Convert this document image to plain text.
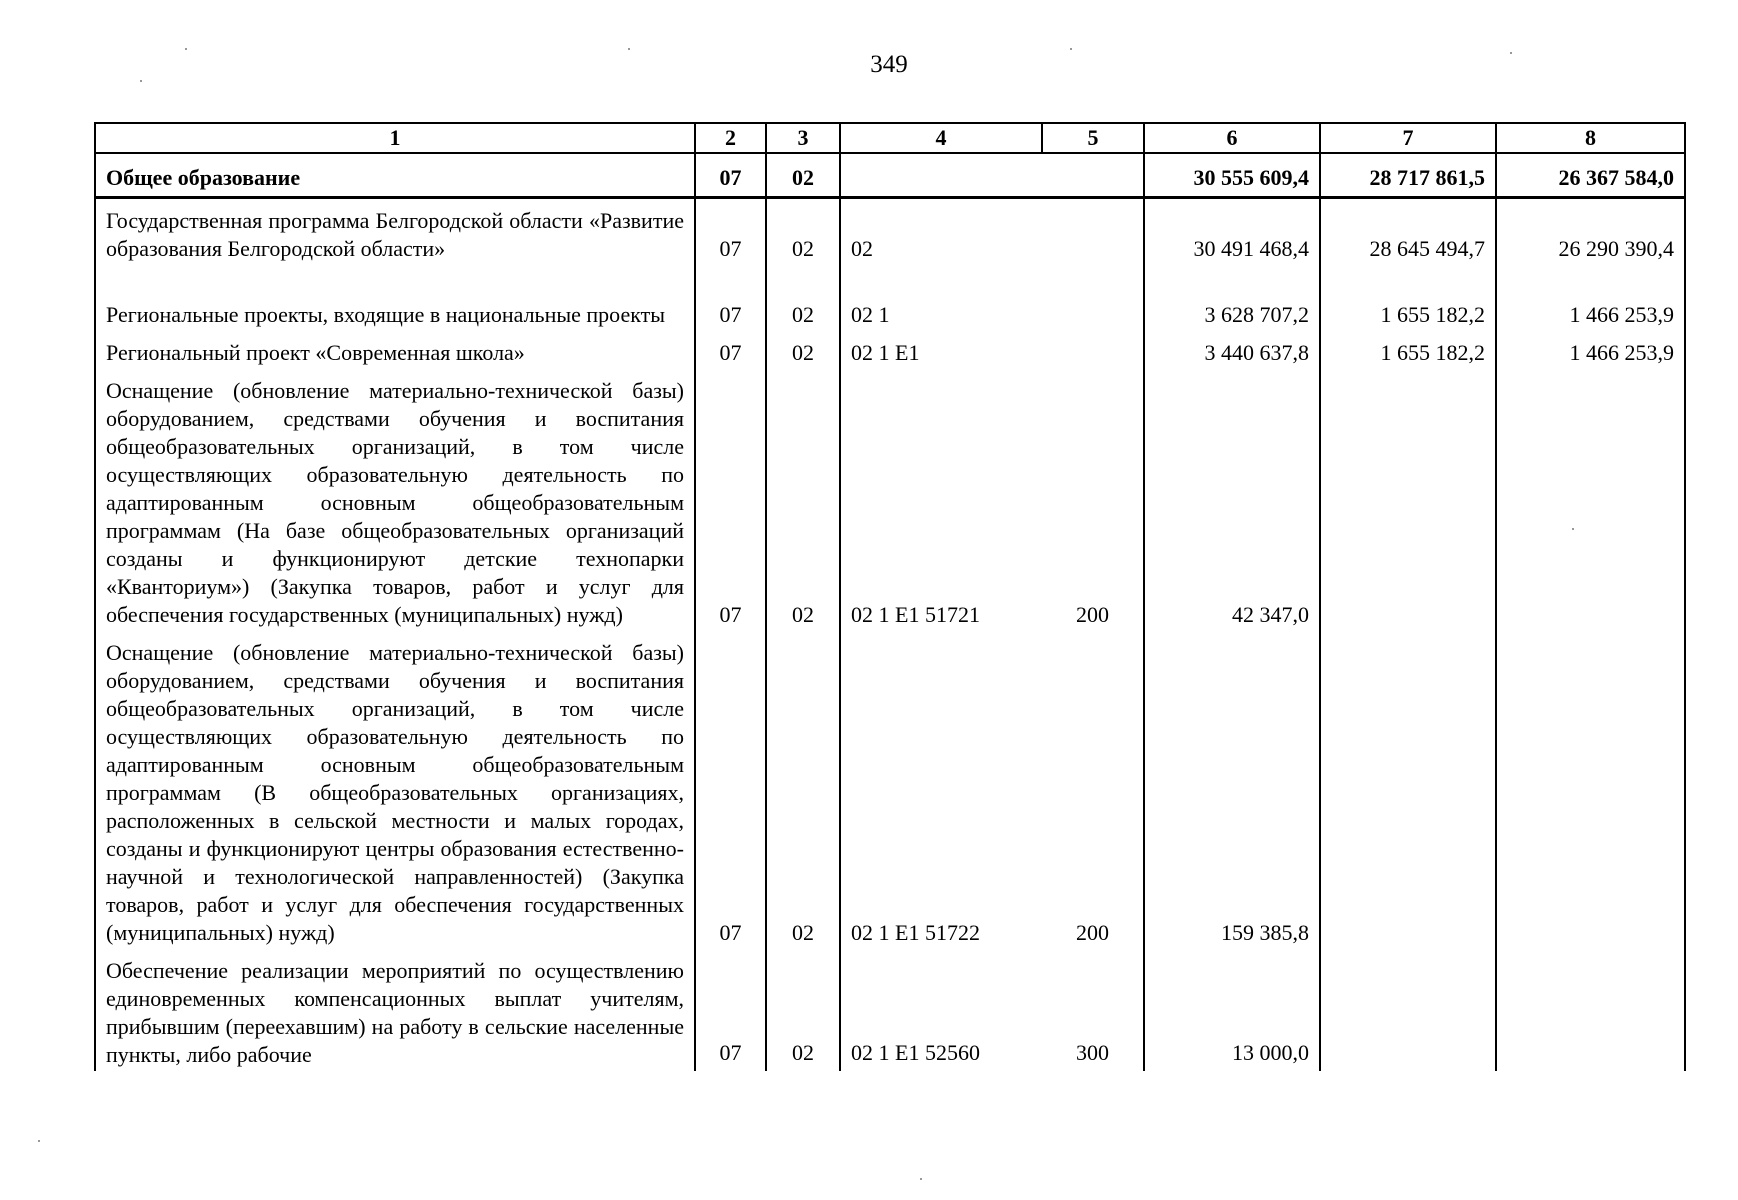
349
1	2	3	4	5	6	7	8
Общее образование	07	02			30 555 609,4	28 717 861,5	26 367 584,0
Государственная программа Белгородской области «Развитие образования Белгородской области»	07	02	02		30 491 468,4	28 645 494,7	26 290 390,4
Региональные проекты, входящие в национальные проекты	07	02	02 1		3 628 707,2	1 655 182,2	1 466 253,9
Региональный проект «Современная школа»	07	02	02 1 E1		3 440 637,8	1 655 182,2	1 466 253,9
Оснащение (обновление материально-технической базы) оборудованием, средствами обучения и воспитания общеобразовательных организаций, в том числе осуществляющих образовательную деятельность по адаптированным основным общеобразовательным программам (На базе общеобразовательных организаций созданы и функционируют детские технопарки «Кванториум») (Закупка товаров, работ и услуг для обеспечения государственных (муниципальных) нужд)	07	02	02 1 E1 51721	200	42 347,0		
Оснащение (обновление материально-технической базы) оборудованием, средствами обучения и воспитания общеобразовательных организаций, в том числе осуществляющих образовательную деятельность по адаптированным основным общеобразовательным программам (В общеобразовательных организациях, расположенных в сельской местности и малых городах, созданы и функционируют центры образования естественно-научной и технологической направленностей) (Закупка товаров, работ и услуг для обеспечения государственных (муниципальных) нужд)	07	02	02 1 E1 51722	200	159 385,8		
Обеспечение реализации мероприятий по осуществлению единовременных компенсационных выплат учителям, прибывшим (переехавшим) на работу в сельские населенные пункты, либо рабочие	07	02	02 1 E1 52560	300	13 000,0		
